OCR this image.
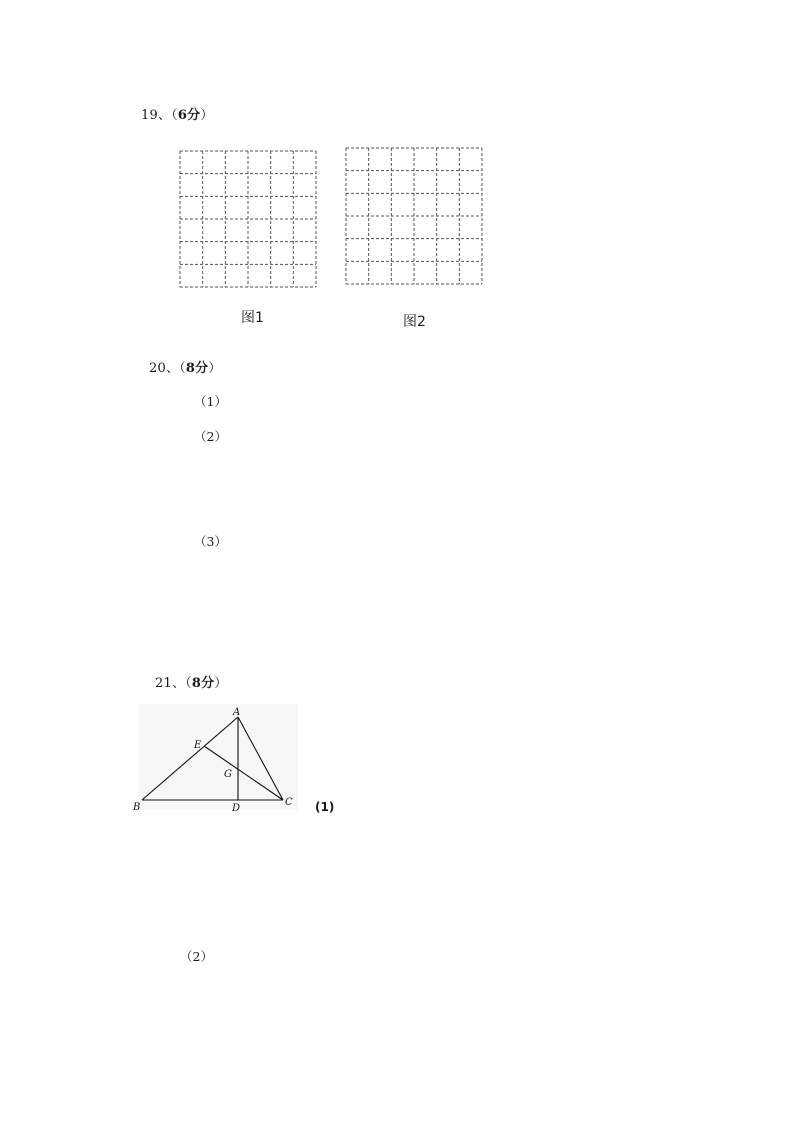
19、（6分）
图1	图2
20、（8分）
（1）
（2）
（3）
21、（8分）
A
B	C
D
E
G
(1)
（2）
